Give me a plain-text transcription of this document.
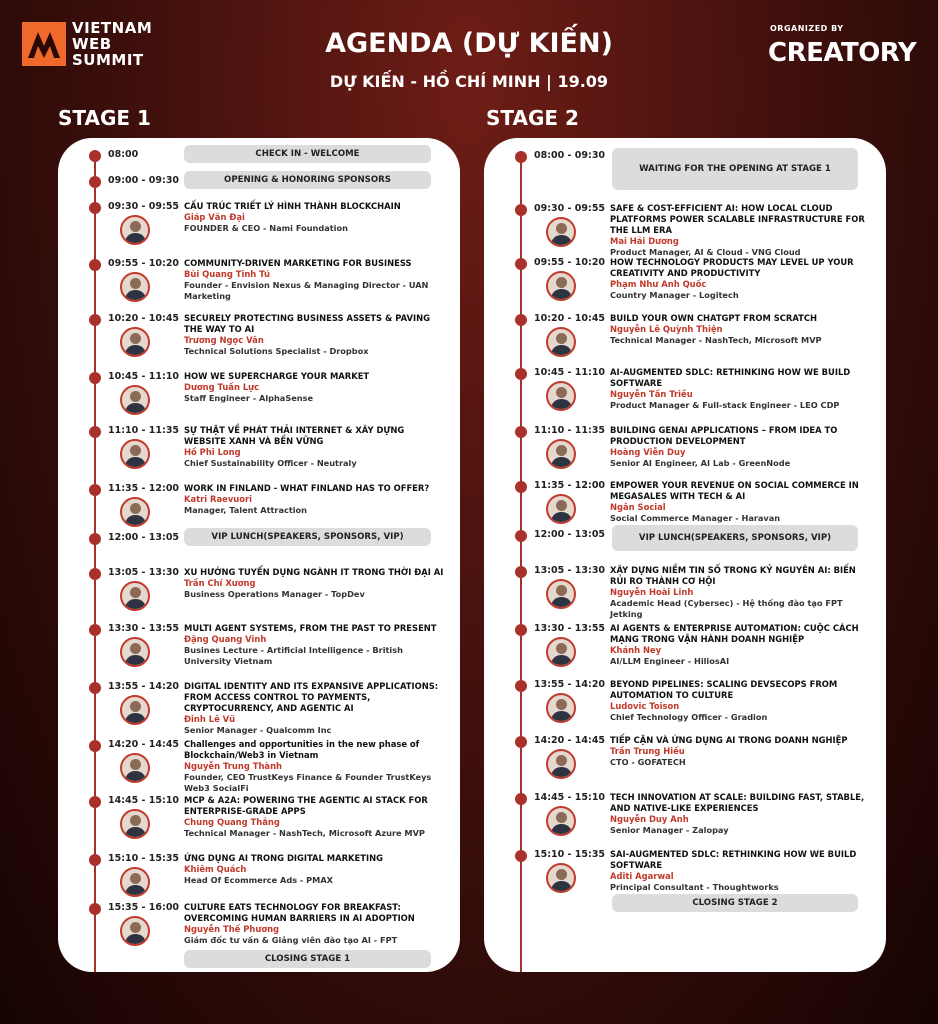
VIETNAM
WEB
SUMMIT
AGENDA (DỰ KIẾN)
DỰ KIẾN - HỒ CHÍ MINH | 19.09
ORGANIZED BY
CREATORY
STAGE 1	STAGE 2
08:00	CHECK IN - WELCOME
09:00 - 09:30	OPENING & HONORING SPONSORS
09:30 - 09:55 CẤU TRÚC TRIẾT LÝ HÌNH THÀNH BLOCKCHAIN
Giáp Văn Đại
FOUNDER & CEO - Nami Foundation
09:55 - 10:20 COMMUNITY-DRIVEN MARKETING FOR BUSINESS
Bùi Quang Tinh Tú
Founder - Envision Nexus & Managing Director - UAN Marketing
10:20 - 10:45 SECURELY PROTECTING BUSINESS ASSETS & PAVING THE WAY TO AI
Trương Ngọc Vân
Technical Solutions Specialist - Dropbox
10:45 - 11:10 HOW WE SUPERCHARGE YOUR MARKET
Dương Tuấn Lực
Staff Engineer - AlphaSense
11:10 - 11:35 SỰ THẬT VỀ PHÁT THẢI INTERNET & XÂY DỰNG WEBSITE XANH VÀ BỀN VỮNG
Hồ Phi Long
Chief Sustainability Officer - Neutraly
11:35 - 12:00 WORK IN FINLAND - WHAT FINLAND HAS TO OFFER?
Katri Raevuori
Manager, Talent Attraction
12:00 - 13:05	VIP LUNCH(SPEAKERS, SPONSORS, VIP)
13:05 - 13:30 XU HƯỚNG TUYỂN DỤNG NGÀNH IT TRONG THỜI ĐẠI AI
Trần Chí Xương
Business Operations Manager - TopDev
13:30 - 13:55 MULTI AGENT SYSTEMS, FROM THE PAST TO PRESENT
Đặng Quang Vinh
Busines Lecture - Artificial Intelligence - British University Vietnam
13:55 - 14:20 DIGITAL IDENTITY AND ITS EXPANSIVE APPLICATIONS: FROM ACCESS CONTROL TO PAYMENTS, CRYPTOCURRENCY, AND AGENTIC AI
Đinh Lê Vũ
Senior Manager - Qualcomm Inc
14:20 - 14:45 Challenges and opportunities in the new phase of Blockchain/Web3 in Vietnam
Nguyễn Trung Thành
Founder, CEO TrustKeys Finance & Founder TrustKeys Web3 SocialFi
14:45 - 15:10 MCP & A2A: POWERING THE AGENTIC AI STACK FOR ENTERPRISE-GRADE APPS
Chung Quang Thắng
Technical Manager - NashTech, Microsoft Azure MVP
15:10 - 15:35 ỨNG DỤNG AI TRONG DIGITAL MARKETING
Khiêm Quách
Head Of Ecommerce Ads - PMAX
15:35 - 16:00 CULTURE EATS TECHNOLOGY FOR BREAKFAST: OVERCOMING HUMAN BARRIERS IN AI ADOPTION
Nguyễn Thế Phương
Giám đốc tư vấn & Giảng viên đào tạo AI - FPT
CLOSING STAGE 1
08:00 - 09:30
WAITING FOR THE OPENING AT STAGE 1
09:30 - 09:55 SAFE & COST-EFFICIENT AI: HOW LOCAL CLOUD PLATFORMS POWER SCALABLE INFRASTRUCTURE FOR THE LLM ERA
Mai Hải Dương
Product Manager, AI & Cloud - VNG Cloud
09:55 - 10:20 HOW TECHNOLOGY PRODUCTS MAY LEVEL UP YOUR CREATIVITY AND PRODUCTIVITY
Phạm Như Anh Quốc
Country Manager - Logitech
10:20 - 10:45 BUILD YOUR OWN CHATGPT FROM SCRATCH
Nguyễn Lê Quỳnh Thiện
Technical Manager - NashTech, Microsoft MVP
10:45 - 11:10 AI-AUGMENTED SDLC: RETHINKING HOW WE BUILD SOFTWARE
Nguyễn Tấn Triều
Product Manager & Full-stack Engineer - LEO CDP
11:10 - 11:35 BUILDING GENAI APPLICATIONS – FROM IDEA TO PRODUCTION DEVELOPMENT
Hoàng Viễn Duy
Senior AI Engineer, AI Lab - GreenNode
11:35 - 12:00 EMPOWER YOUR REVENUE ON SOCIAL COMMERCE IN MEGASALES WITH TECH & AI
Ngân Social
Social Commerce Manager - Haravan
12:00 - 13:05	VIP LUNCH(SPEAKERS, SPONSORS, VIP)
13:05 - 13:30 XÂY DỰNG NIỀM TIN SỐ TRONG KỶ NGUYÊN AI: BIẾN RỦI RO THÀNH CƠ HỘI
Nguyễn Hoài Linh
Academic Head (Cybersec) - Hệ thống đào tạo FPT Jetking
13:30 - 13:55 AI AGENTS & ENTERPRISE AUTOMATION: CUỘC CÁCH MẠNG TRONG VẬN HÀNH DOANH NGHIỆP
Khánh Ney
AI/LLM Engineer - HiliosAI
13:55 - 14:20 BEYOND PIPELINES: SCALING DEVSECOPS FROM AUTOMATION TO CULTURE
Ludovic Toison
Chief Technology Officer - Gradion
14:20 - 14:45 TIẾP CẬN VÀ ỨNG DỤNG AI TRONG DOANH NGHIỆP
Trần Trung Hiếu
CTO - GOFATECH
14:45 - 15:10 TECH INNOVATION AT SCALE: BUILDING FAST, STABLE, AND NATIVE-LIKE EXPERIENCES
Nguyễn Duy Anh
Senior Manager - Zalopay
15:10 - 15:35 SAI-AUGMENTED SDLC: RETHINKING HOW WE BUILD SOFTWARE
Aditi Agarwal
Principal Consultant - Thoughtworks
CLOSING STAGE 2
